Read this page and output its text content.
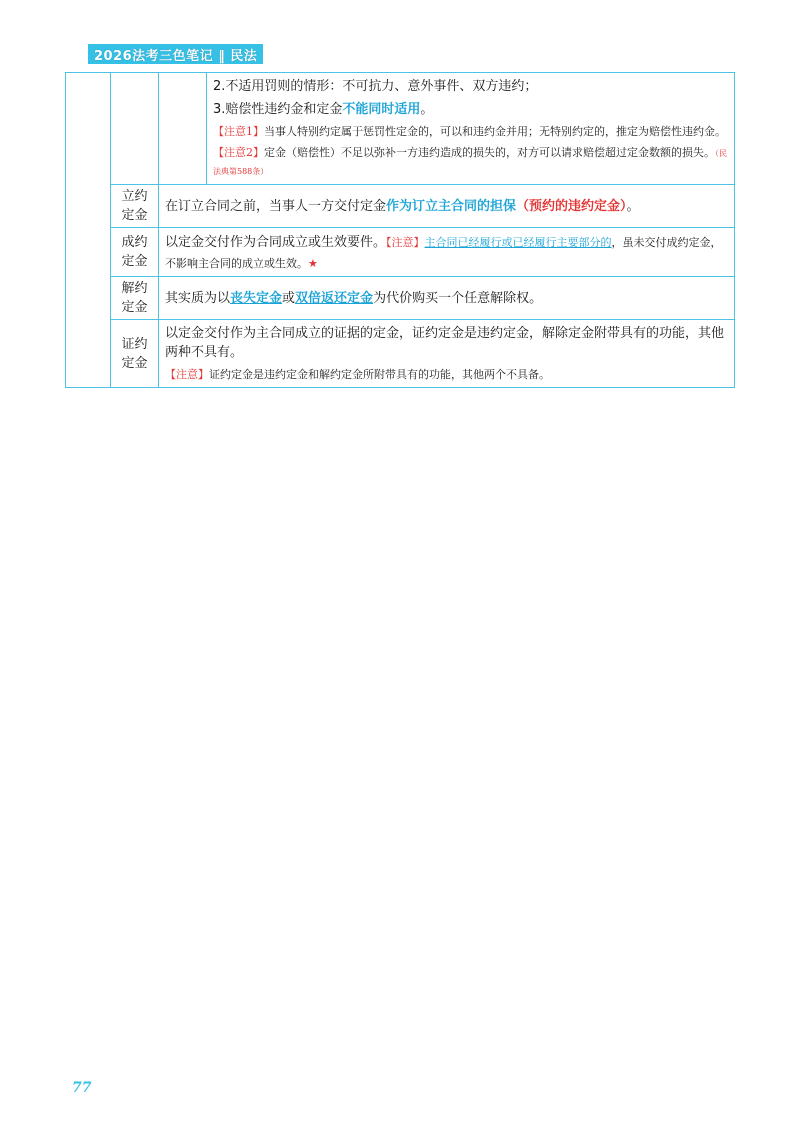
2026法考三色笔记 ‖ 民法

			2.不适用罚则的情形：不可抗力、意外事件、双方违约；
3.赔偿性违约金和定金不能同时适用。
【注意1】当事人特别约定属于惩罚性定金的，可以和违约金并用；无特别约定的，推定为赔偿性违约金。
【注意2】定金（赔偿性）不足以弥补一方违约造成的损失的，对方可以请求赔偿超过定金数额的损失。（民法典第588条）

	立约定金	在订立合同之前，当事人一方交付定金作为订立主合同的担保（预约的违约定金）。	
	成约定金	以定金交付作为合同成立或生效要件。【注意】主合同已经履行或已经履行主要部分的，虽未交付成约定金，不影响主合同的成立或生效。★	
	解约定金	其实质为以丧失定金或双倍返还定金为代价购买一个任意解除权。	
	证约定金	以定金交付作为主合同成立的证据的定金，证约定金是违约定金，解除定金附带具有的功能，其他两种不具有。
【注意】证约定金是违约定金和解约定金所附带具有的功能，其他两个不具备。	
77
